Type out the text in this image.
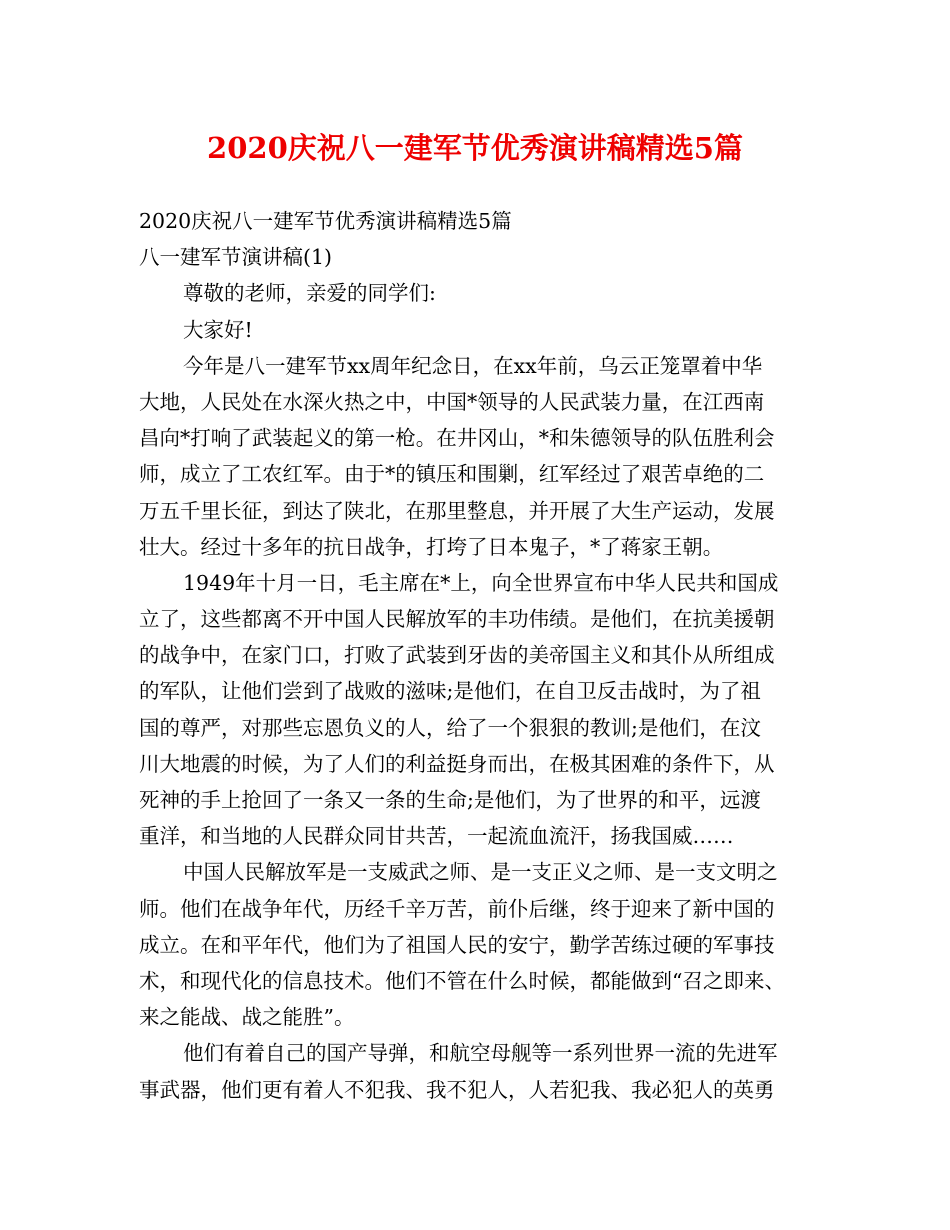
2020庆祝八一建军节优秀演讲稿精选5篇

2020庆祝八一建军节优秀演讲稿精选5篇

八一建军节演讲稿(1)

尊敬的老师，亲爱的同学们:

大家好!

今年是八一建军节xx周年纪念日，在xx年前，乌云正笼罩着中华

大地，人民处在水深火热之中，中国*领导的人民武装力量，在江西南

昌向*打响了武装起义的第一枪。在井冈山，*和朱德领导的队伍胜利会

师，成立了工农红军。由于*的镇压和围剿，红军经过了艰苦卓绝的二

万五千里长征，到达了陕北，在那里整息，并开展了大生产运动，发展

壮大。经过十多年的抗日战争，打垮了日本鬼子，*了蒋家王朝。

1949年十月一日，毛主席在*上，向全世界宣布中华人民共和国成

立了，这些都离不开中国人民解放军的丰功伟绩。是他们，在抗美援朝

的战争中，在家门口，打败了武装到牙齿的美帝国主义和其仆从所组成

的军队，让他们尝到了战败的滋味;是他们，在自卫反击战时，为了祖

国的尊严，对那些忘恩负义的人，给了一个狠狠的教训;是他们，在汶

川大地震的时候，为了人们的利益挺身而出，在极其困难的条件下，从

死神的手上抢回了一条又一条的生命;是他们，为了世界的和平，远渡

重洋，和当地的人民群众同甘共苦，一起流血流汗，扬我国威……

中国人民解放军是一支威武之师、是一支正义之师、是一支文明之

师。他们在战争年代，历经千辛万苦，前仆后继，终于迎来了新中国的

成立。在和平年代，他们为了祖国人民的安宁，勤学苦练过硬的军事技

术，和现代化的信息技术。他们不管在什么时候，都能做到“召之即来、

来之能战、战之能胜”。

他们有着自己的国产导弹，和航空母舰等一系列世界一流的先进军

事武器，他们更有着人不犯我、我不犯人，人若犯我、我必犯人的英勇
